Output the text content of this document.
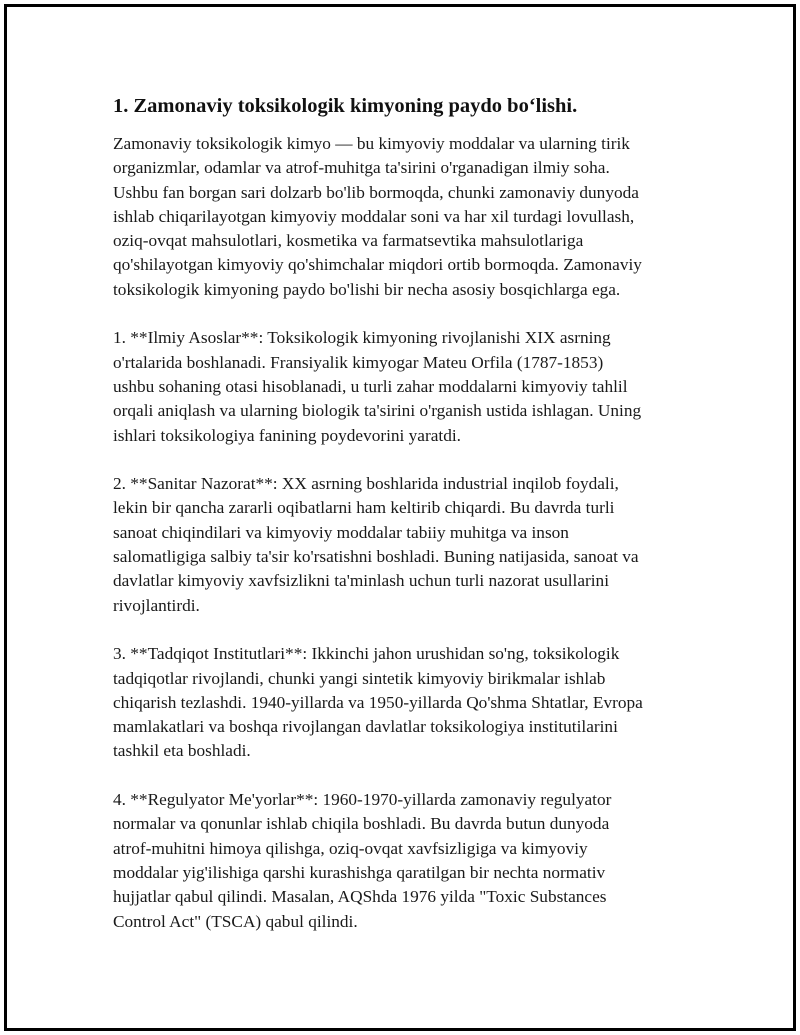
1. Zamonaviy toksikologik kimyoning paydo bo‘lishi.

Zamonaviy toksikologik kimyo — bu kimyoviy moddalar va ularning tirik
organizmlar, odamlar va atrof-muhitga ta'sirini o'rganadigan ilmiy soha.
Ushbu fan borgan sari dolzarb bo'lib bormoqda, chunki zamonaviy dunyoda
ishlab chiqarilayotgan kimyoviy moddalar soni va har xil turdagi lovullash,
oziq-ovqat mahsulotlari, kosmetika va farmatsevtika mahsulotlariga
qo'shilayotgan kimyoviy qo'shimchalar miqdori ortib bormoqda. Zamonaviy
toksikologik kimyoning paydo bo'lishi bir necha asosiy bosqichlarga ega.

1. **Ilmiy Asoslar**: Toksikologik kimyoning rivojlanishi XIX asrning
o'rtalarida boshlanadi. Fransiyalik kimyogar Mateu Orfila (1787-1853)
ushbu sohaning otasi hisoblanadi, u turli zahar moddalarni kimyoviy tahlil
orqali aniqlash va ularning biologik ta'sirini o'rganish ustida ishlagan. Uning
ishlari toksikologiya fanining poydevorini yaratdi.

2. **Sanitar Nazorat**: XX asrning boshlarida industrial inqilob foydali,
lekin bir qancha zararli oqibatlarni ham keltirib chiqardi. Bu davrda turli
sanoat chiqindilari va kimyoviy moddalar tabiiy muhitga va inson
salomatligiga salbiy ta'sir ko'rsatishni boshladi. Buning natijasida, sanoat va
davlatlar kimyoviy xavfsizlikni ta'minlash uchun turli nazorat usullarini
rivojlantirdi.

3. **Tadqiqot Institutlari**: Ikkinchi jahon urushidan so'ng, toksikologik
tadqiqotlar rivojlandi, chunki yangi sintetik kimyoviy birikmalar ishlab
chiqarish tezlashdi. 1940-yillarda va 1950-yillarda Qo'shma Shtatlar, Evropa
mamlakatlari va boshqa rivojlangan davlatlar toksikologiya institutilarini
tashkil eta boshladi.

4. **Regulyator Me'yorlar**: 1960-1970-yillarda zamonaviy regulyator
normalar va qonunlar ishlab chiqila boshladi. Bu davrda butun dunyoda
atrof-muhitni himoya qilishga, oziq-ovqat xavfsizligiga va kimyoviy
moddalar yig'ilishiga qarshi kurashishga qaratilgan bir nechta normativ
hujjatlar qabul qilindi. Masalan, AQShda 1976 yilda "Toxic Substances
Control Act" (TSCA) qabul qilindi.
